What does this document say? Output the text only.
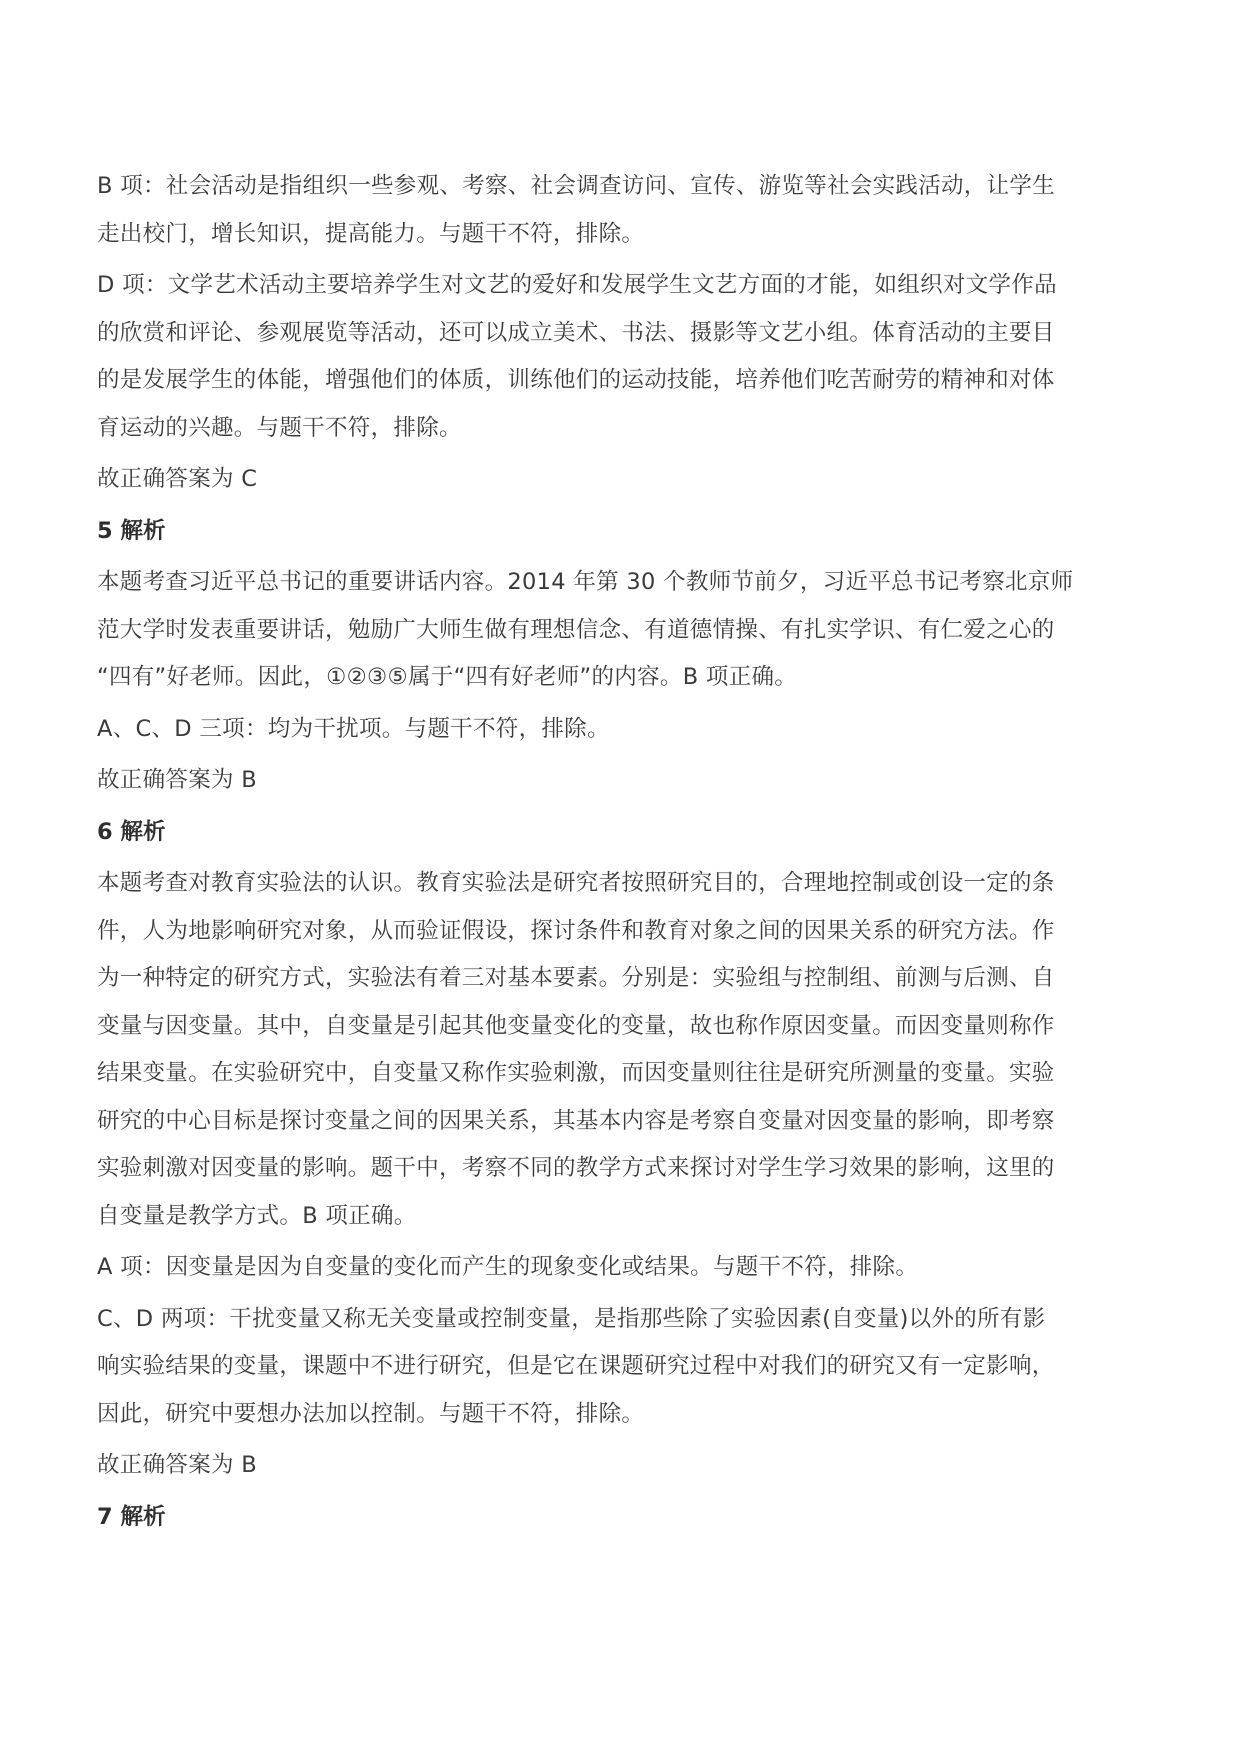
B 项：社会活动是指组织一些参观、考察、社会调查访问、宣传、游览等社会实践活动，让学生
走出校门，增长知识，提高能力。与题干不符，排除。
D 项：文学艺术活动主要培养学生对文艺的爱好和发展学生文艺方面的才能，如组织对文学作品
的欣赏和评论、参观展览等活动，还可以成立美术、书法、摄影等文艺小组。体育活动的主要目
的是发展学生的体能，增强他们的体质，训练他们的运动技能，培养他们吃苦耐劳的精神和对体
育运动的兴趣。与题干不符，排除。
故正确答案为 C
5 解析
本题考查习近平总书记的重要讲话内容。2014 年第 30 个教师节前夕，习近平总书记考察北京师
范大学时发表重要讲话，勉励广大师生做有理想信念、有道德情操、有扎实学识、有仁爱之心的
“四有”好老师。因此，①②③⑤属于“四有好老师”的内容。B 项正确。
A、C、D 三项：均为干扰项。与题干不符，排除。
故正确答案为 B
6 解析
本题考查对教育实验法的认识。教育实验法是研究者按照研究目的，合理地控制或创设一定的条
件，人为地影响研究对象，从而验证假设，探讨条件和教育对象之间的因果关系的研究方法。作
为一种特定的研究方式，实验法有着三对基本要素。分别是：实验组与控制组、前测与后测、自
变量与因变量。其中，自变量是引起其他变量变化的变量，故也称作原因变量。而因变量则称作
结果变量。在实验研究中，自变量又称作实验刺激，而因变量则往往是研究所测量的变量。实验
研究的中心目标是探讨变量之间的因果关系，其基本内容是考察自变量对因变量的影响，即考察
实验刺激对因变量的影响。题干中，考察不同的教学方式来探讨对学生学习效果的影响，这里的
自变量是教学方式。B 项正确。
A 项：因变量是因为自变量的变化而产生的现象变化或结果。与题干不符，排除。
C、D 两项：干扰变量又称无关变量或控制变量，是指那些除了实验因素(自变量)以外的所有影
响实验结果的变量，课题中不进行研究，但是它在课题研究过程中对我们的研究又有一定影响，
因此，研究中要想办法加以控制。与题干不符，排除。
故正确答案为 B
7 解析
